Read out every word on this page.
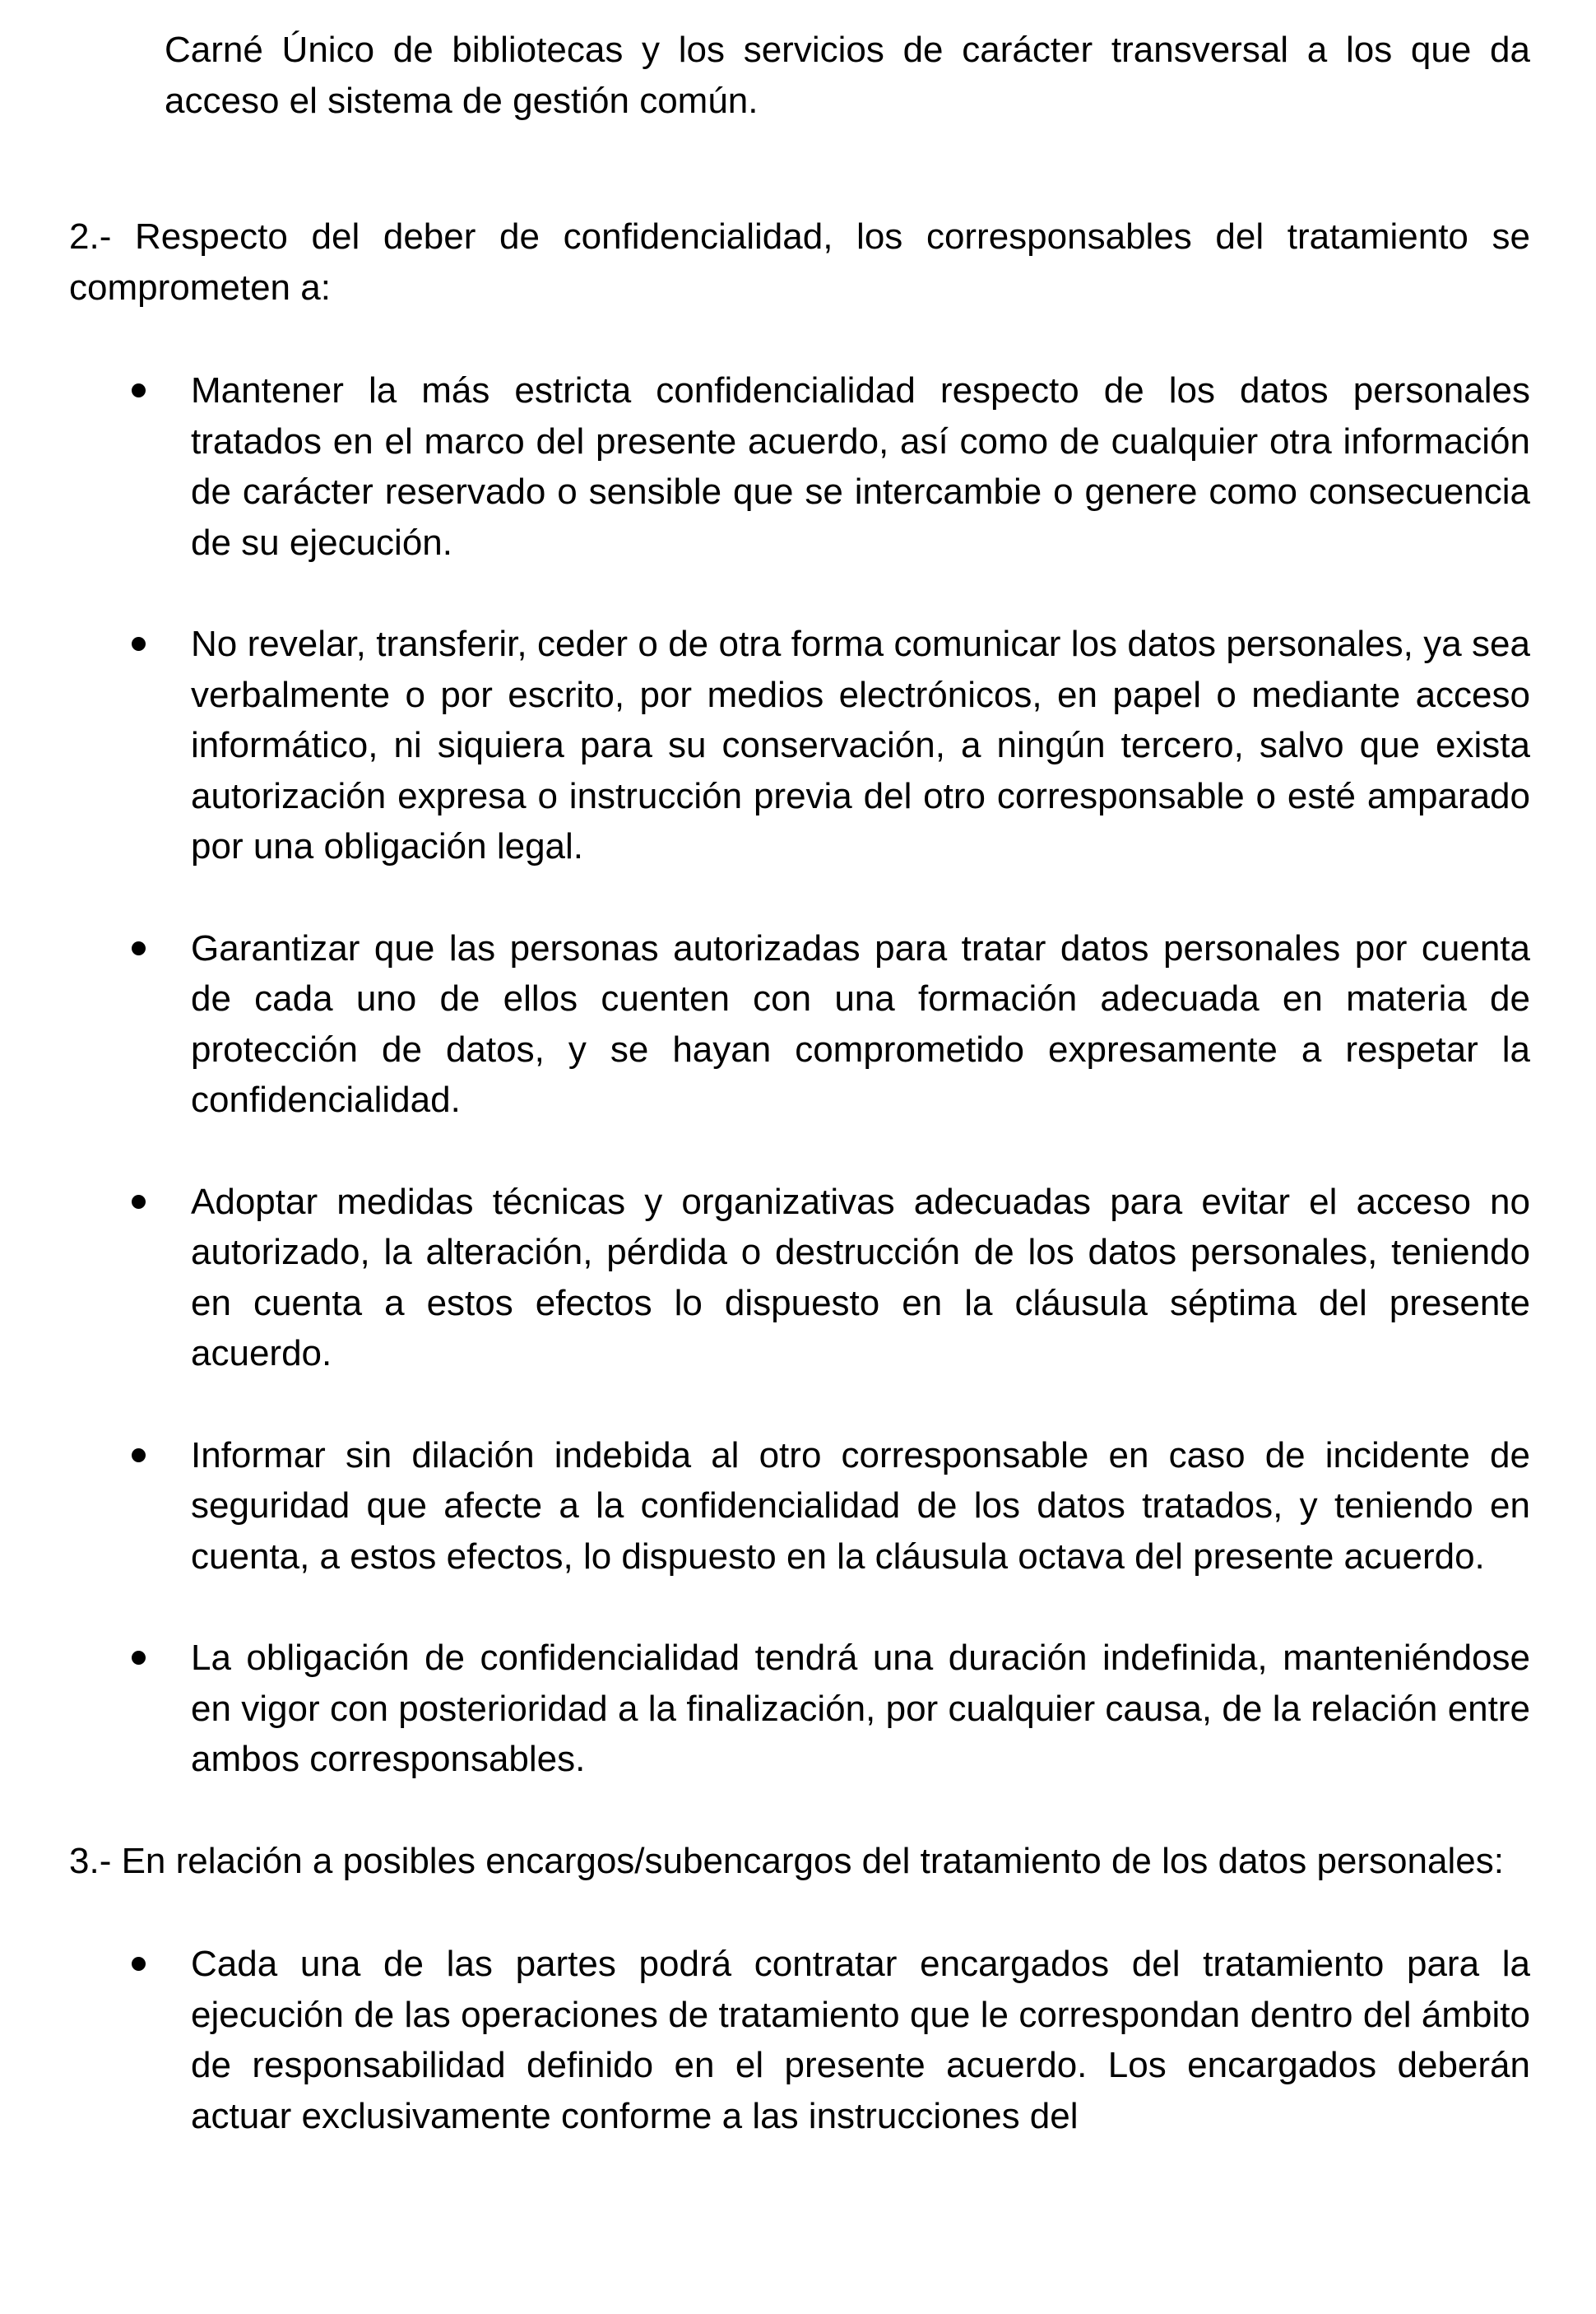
Carné Único de bibliotecas y los servicios de carácter transversal a los que da acceso el sistema de gestión común.

2.- Respecto del deber de confidencialidad, los corresponsables del tratamiento se comprometen a:

Mantener la más estricta confidencialidad respecto de los datos personales tratados en el marco del presente acuerdo, así como de cualquier otra información de carácter reservado o sensible que se intercambie o genere como consecuencia de su ejecución.
No revelar, transferir, ceder o de otra forma comunicar los datos personales, ya sea verbalmente o por escrito, por medios electrónicos, en papel o mediante acceso informático, ni siquiera para su conservación, a ningún tercero, salvo que exista autorización expresa o instrucción previa del otro corresponsable o esté amparado por una obligación legal.
Garantizar que las personas autorizadas para tratar datos personales por cuenta de cada uno de ellos cuenten con una formación adecuada en materia de protección de datos, y se hayan comprometido expresamente a respetar la confidencialidad.
Adoptar medidas técnicas y organizativas adecuadas para evitar el acceso no autorizado, la alteración, pérdida o destrucción de los datos personales, teniendo en cuenta a estos efectos lo dispuesto en la cláusula séptima del presente acuerdo.
Informar sin dilación indebida al otro corresponsable en caso de incidente de seguridad que afecte a la confidencialidad de los datos tratados, y teniendo en cuenta, a estos efectos, lo dispuesto en la cláusula octava del presente acuerdo.
La obligación de confidencialidad tendrá una duración indefinida, manteniéndose en vigor con posterioridad a la finalización, por cualquier causa, de la relación entre ambos corresponsables.

3.- En relación a posibles encargos/subencargos del tratamiento de los datos personales:

Cada una de las partes podrá contratar encargados del tratamiento para la ejecución de las operaciones de tratamiento que le correspondan dentro del ámbito de responsabilidad definido en el presente acuerdo. Los encargados deberán actuar exclusivamente conforme a las instrucciones del
